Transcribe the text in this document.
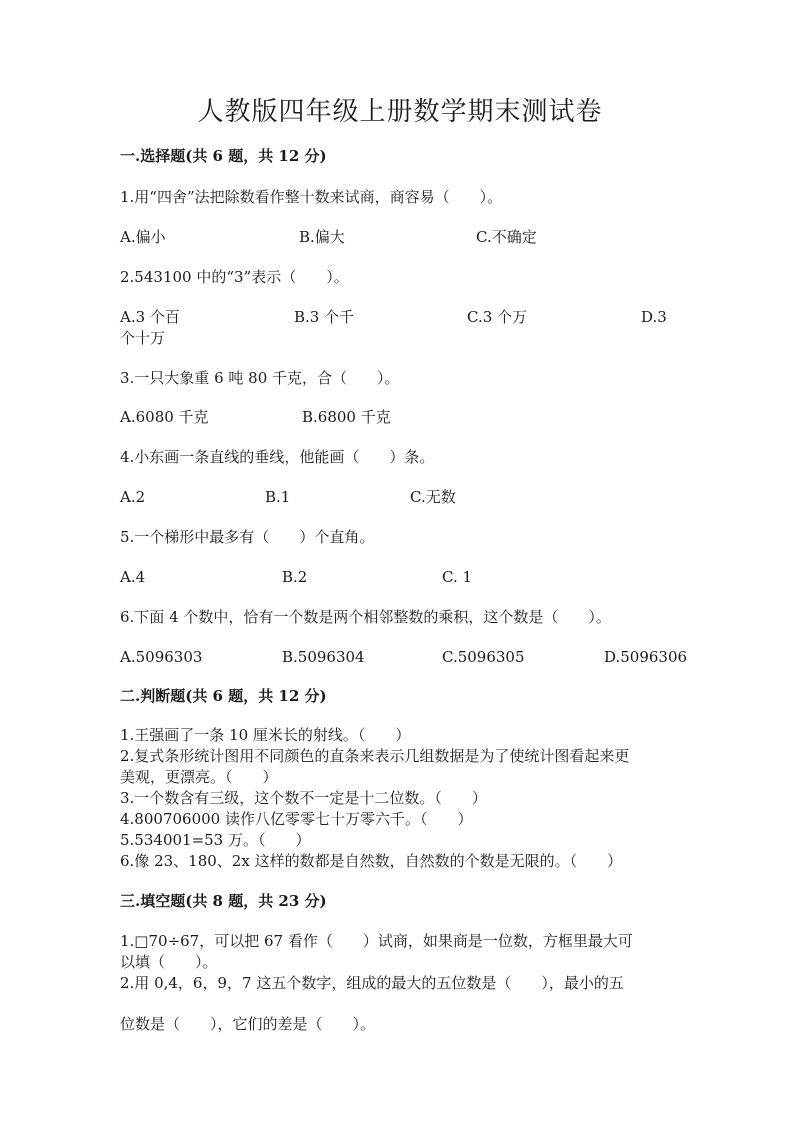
人教版四年级上册数学期末测试卷
一.选择题(共 6 题，共 12 分)
1.用“四舍”法把除数看作整十数来试商，商容易（　　）。
A.偏小	B.偏大	C.不确定
2.543100 中的“3”表示（　　）。
A.3 个百	B.3 个千	C.3 个万	D.3
个十万
3.一只大象重 6 吨 80 千克，合（　　）。
A.6080 千克	B.6800 千克
4.小东画一条直线的垂线，他能画（　　）条。
A.2	B.1	C.无数
5.一个梯形中最多有（　　）个直角。
A.4	B.2	C. 1
6.下面 4 个数中，恰有一个数是两个相邻整数的乘积，这个数是（　　）。
A.5096303	B.5096304	C.5096305	D.5096306
二.判断题(共 6 题，共 12 分)
1.王强画了一条 10 厘米长的射线。（　　）
2.复式条形统计图用不同颜色的直条来表示几组数据是为了使统计图看起来更
美观，更漂亮。（　　）
3.一个数含有三级，这个数不一定是十二位数。（　　）
4.800706000 读作八亿零零七十万零六千。（　　）
5.534001=53 万。（　　）
6.像 23、180、2x 这样的数都是自然数，自然数的个数是无限的。（　　）
三.填空题(共 8 题，共 23 分)
1.□70÷67，可以把 67 看作（　　）试商，如果商是一位数，方框里最大可
以填（　　）。
2.用 0,4，6，9，7 这五个数字，组成的最大的五位数是（　　），最小的五
位数是（　　），它们的差是（　　）。
